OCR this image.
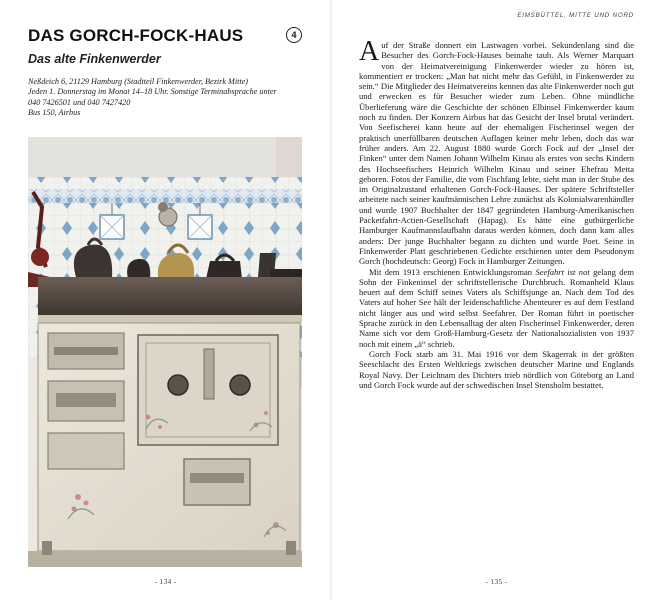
DAS GORCH-FOCK-HAUS	4
Das alte Finkenwerder
Neßdeich 6, 21129 Hamburg (Stadtteil Finkenwerder, Bezirk Mitte)
Jeden 1. Donnerstag im Monat 14–18 Uhr. Sonstige Terminabsprache unter
040 7426501 und 040 7427420
Bus 150, Airbus
- 134 -
EIMSBÜTTEL, MITTE UND NORD

Auf der Straße donnert ein Lastwagen vorbei. Sekundenlang sind die Besucher des Gorch-Fock-Hauses beinahe taub. Als Werner Marquart von der Heimatvereinigung Finkenwerder wieder zu hören ist, kommentiert er trocken: „Man hat nicht mehr das Gefühl, in Finkenwerder zu sein.“ Die Mitglieder des Heimatvereins kennen das alte Finkenwerder noch gut und erwecken es für Besucher wieder zum Leben. Ohne mündliche Überlieferung wäre die Geschichte der schönen Elbinsel Finkenwerder kaum noch zu finden. Der Konzern Airbus hat das Gesicht der Insel brutal verändert. Von Seefischerei kann heute auf der ehemaligen Fischerinsel wegen der praktisch unerfüllbaren deutschen Auflagen keiner mehr leben, doch das war früher anders. Am 22. August 1880 wurde Gorch Fock auf der „Insel der Finken“ unter dem Namen Johann Wilhelm Kinau als erstes von sechs Kindern des Hochseefischers Heinrich Wilhelm Kinau und seiner Ehefrau Metta geboren. Fotos der Familie, die vom Fischfang lebte, sieht man in der Stube des im Originalzustand erhaltenen Gorch-Fock-Hauses. Der spätere Schriftsteller arbeitete nach seiner kaufmännischen Lehre zunächst als Kolonialwarenhändler und wurde 1907 Buchhalter der 1847 gegründeten Hamburg-Amerikanischen Packetfahrt-Actien-Gesellschaft (Hapag). Es hätte eine gutbürgerliche Hamburger Kaufmannslaufbahn daraus werden können, doch dann kam alles anders: Der junge Buchhalter begann zu dichten und wurde Poet. Seine in Finkenwerder Platt geschriebenen Gedichte erschienen unter dem Pseudonym Gorch (hochdeutsch: Georg) Fock in Hamburger Zeitungen.

Mit dem 1913 erschienen Entwicklungsroman Seefahrt ist not gelang dem Sohn der Finkeninsel der schriftstellerische Durchbruch. Romanheld Klaus heuert auf dem Schiff seines Vaters als Schiffsjunge an. Nach dem Tod des Vaters auf hoher See hält der leidenschaftliche Abenteurer es auf dem Festland nicht länger aus und wird selbst Seefahrer. Der Roman führt in poetischer Sprache zurück in den Lebensalltag der alten Fischerinsel Finkenwerder, deren Name sich vor dem Groß-Hamburg-Gesetz der Nationalsozialisten von 1937 noch mit einem „ä“ schrieb.

Gorch Fock starb am 31. Mai 1916 vor dem Skagerrak in der größten Seeschlacht des Ersten Weltkriegs zwischen deutscher Marine und Englands Royal Navy. Der Leichnam des Dichters trieb nördlich von Göteborg an Land und Gorch Fock wurde auf der schwedischen Insel Stensholm bestattet.

- 135 -
